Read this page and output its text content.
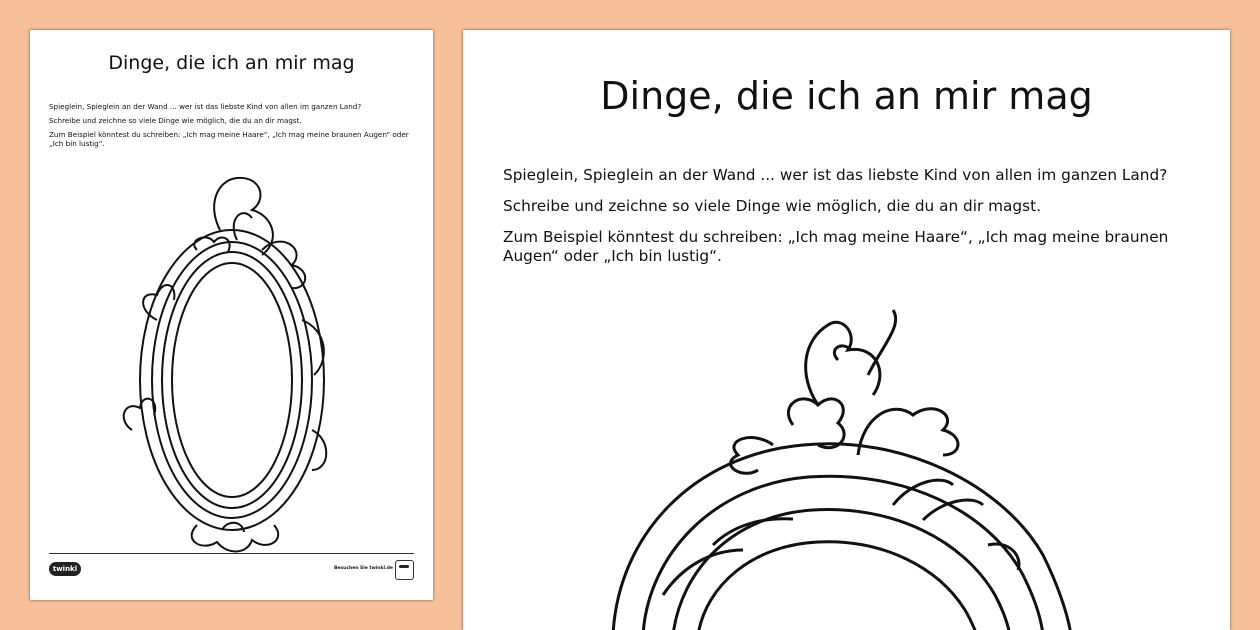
Dinge, die ich an mir mag

Spieglein, Spieglein an der Wand ... wer ist das liebste Kind von allen im ganzen Land?

Schreibe und zeichne so viele Dinge wie möglich, die du an dir magst.

Zum Beispiel könntest du schreiben: „Ich mag meine Haare“, „Ich mag meine braunen Augen“ oder „Ich bin lustig“.

twinkl	Besuchen Sie twinkl.de
Dinge, die ich an mir mag

Spieglein, Spieglein an der Wand ... wer ist das liebste Kind von allen im ganzen Land?

Schreibe und zeichne so viele Dinge wie möglich, die du an dir magst.

Zum Beispiel könntest du schreiben: „Ich mag meine Haare“, „Ich mag meine braunen Augen“ oder „Ich bin lustig“.
